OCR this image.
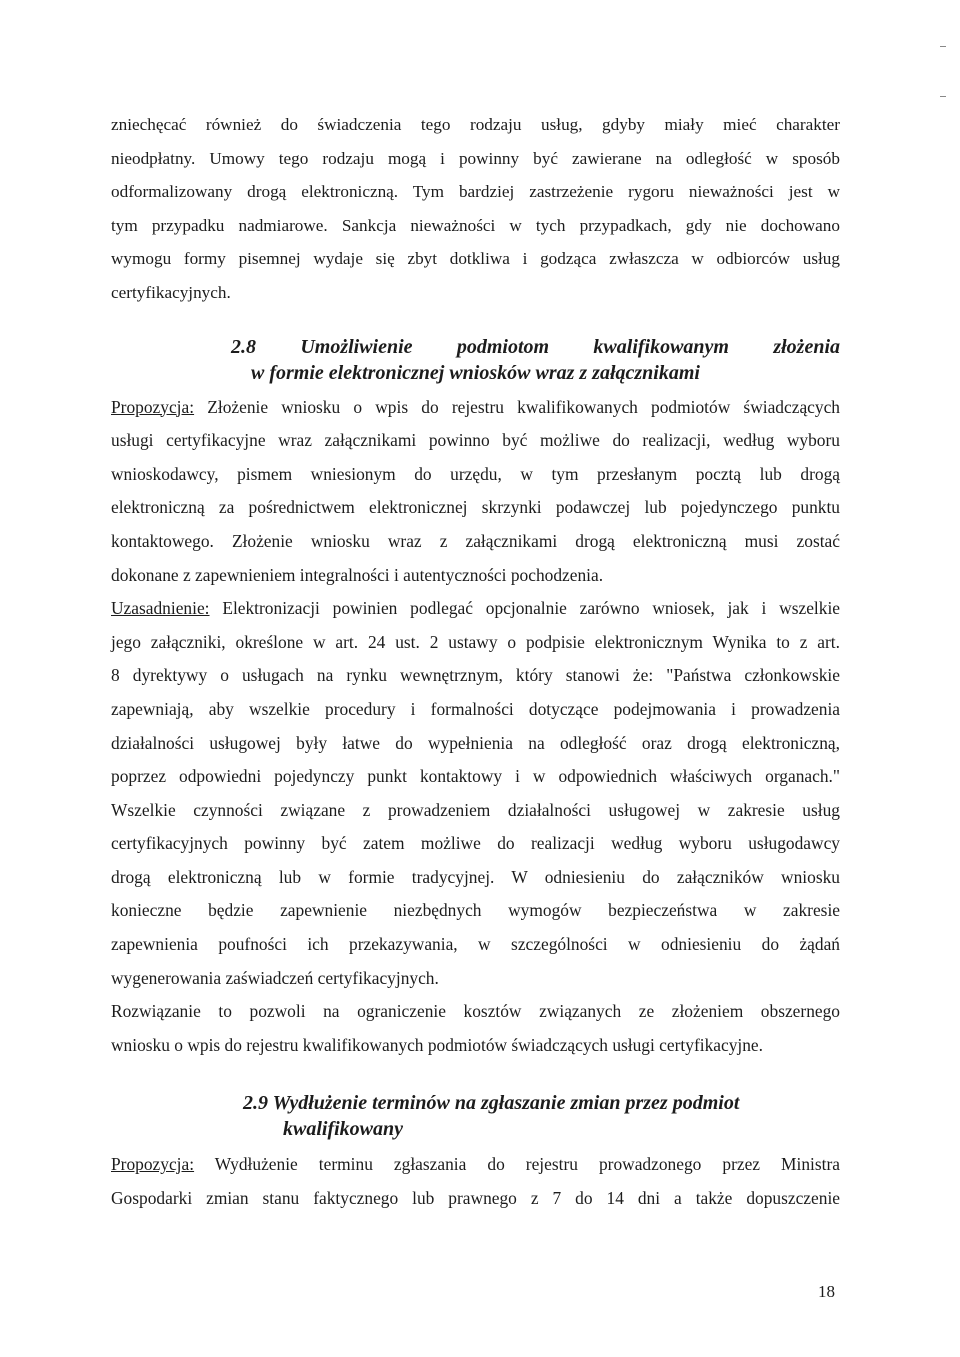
zniechęcać również do świadczenia tego rodzaju usług, gdyby miały mieć charakter

nieodpłatny. Umowy tego rodzaju mogą i powinny być zawierane na odległość w sposób

odformalizowany drogą elektroniczną. Tym bardziej zastrzeżenie rygoru nieważności jest w

tym przypadku nadmiarowe. Sankcja nieważności w tych przypadkach, gdy nie dochowano

wymogu formy pisemnej wydaje się zbyt dotkliwa i godząca zwłaszcza w odbiorców usług

certyfikacyjnych.

2.8 Umożliwienie podmiotom kwalifikowanym złożenia
w formie elektronicznej wniosków wraz z załącznikami

Propozycja: Złożenie wniosku o wpis do rejestru kwalifikowanych podmiotów świadczących

usługi certyfikacyjne wraz załącznikami powinno być możliwe do realizacji, według wyboru

wnioskodawcy, pismem wniesionym do urzędu, w tym przesłanym pocztą lub drogą

elektroniczną za pośrednictwem elektronicznej skrzynki podawczej lub pojedynczego punktu

kontaktowego. Złożenie wniosku wraz z załącznikami drogą elektroniczną musi zostać

dokonane z zapewnieniem integralności i autentyczności pochodzenia.

Uzasadnienie: Elektronizacji powinien podlegać opcjonalnie zarówno wniosek, jak i wszelkie

jego załączniki, określone w art. 24 ust. 2 ustawy o podpisie elektronicznym Wynika to z art.

8 dyrektywy o usługach na rynku wewnętrznym, który stanowi że: "Państwa członkowskie

zapewniają, aby wszelkie procedury i formalności dotyczące podejmowania i prowadzenia

działalności usługowej były łatwe do wypełnienia na odległość oraz drogą elektroniczną,

poprzez odpowiedni pojedynczy punkt kontaktowy i w odpowiednich właściwych organach."

Wszelkie czynności związane z prowadzeniem działalności usługowej w zakresie usług

certyfikacyjnych powinny być zatem możliwe do realizacji według wyboru usługodawcy

drogą elektroniczną lub w formie tradycyjnej. W odniesieniu do załączników wniosku

konieczne będzie zapewnienie niezbędnych wymogów bezpieczeństwa w zakresie

zapewnienia poufności ich przekazywania, w szczególności w odniesieniu do żądań

wygenerowania zaświadczeń certyfikacyjnych.

Rozwiązanie to pozwoli na ograniczenie kosztów związanych ze złożeniem obszernego

wniosku o wpis do rejestru kwalifikowanych podmiotów świadczących usługi certyfikacyjne.

2.9 Wydłużenie terminów na zgłaszanie zmian przez podmiot
kwalifikowany

Propozycja: Wydłużenie terminu zgłaszania do rejestru prowadzonego przez Ministra

Gospodarki zmian stanu faktycznego lub prawnego z 7 do 14 dni a także dopuszczenie

18
